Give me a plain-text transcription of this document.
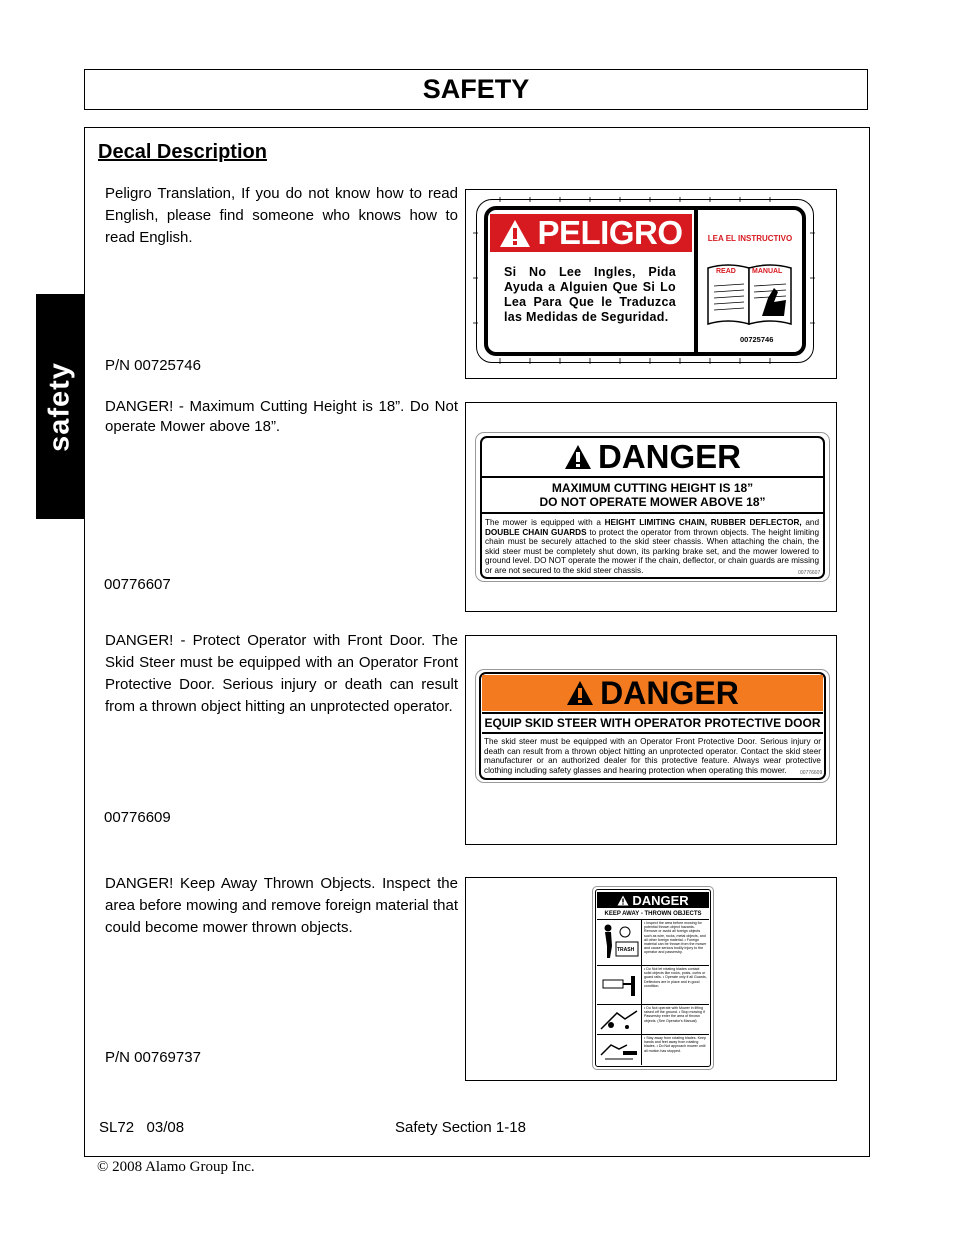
SAFETY
safety
Decal Description
Peligro Translation, If you do not know how to read English, please find someone who knows how to read English.
P/N 00725746
PELIGRO
Si No Lee Ingles, Pida Ayuda a Alguien Que Si Lo Lea Para Que le Traduzca las Medidas de Seguridad.
LEA EL INSTRUCTIVO
READ MANUAL
00725746
DANGER! - Maximum Cutting Height is 18”. Do Not operate Mower above 18”.
00776607
DANGER
MAXIMUM CUTTING HEIGHT IS 18”
DO NOT OPERATE MOWER ABOVE 18”
The mower is equipped with a HEIGHT LIMITING CHAIN, RUBBER DEFLECTOR, and DOUBLE CHAIN GUARDS to protect the operator from thrown objects. The height limiting chain must be securely attached to the skid steer chassis. When attaching the chain, the skid steer must be completely shut down, its parking brake set, and the mower lowered to ground level. DO NOT operate the mower if the chain, deflector, or chain guards are missing or are not secured to the skid steer chassis.	00776607
DANGER! - Protect Operator with Front Door. The Skid Steer must be equipped with an Operator Front Protective Door. Serious injury or death can result from a thrown object hitting an unprotected operator.
00776609
DANGER
EQUIP SKID STEER WITH OPERATOR PROTECTIVE DOOR
The skid steer must be equipped with an Operator Front Protective Door. Serious injury or death can result from a thrown object hitting an unprotected operator. Contact the skid steer manufacturer or an authorized dealer for this protective feature. Always wear protective clothing including safety glasses and hearing protection when operating this mower.	00776609
DANGER! Keep Away Thrown Objects. Inspect the area before mowing and remove foreign material that could become mower thrown objects.
P/N 00769737
DANGER
KEEP AWAY - THROWN OBJECTS
TRASH
• Inspect the area before mowing for potential thrown object hazards. Remove or avoid all foreign objects such as wire, rocks, metal objects, and all other foreign material. • Foreign material can be thrown from the mower and cause serious bodily injury to the operator and passersby.
• Do Not let rotating blades contact solid objects like rocks, posts, curbs or guard rails. • Operate only if all Guards, Deflectors are in place and in good condition.
• Do Not operate with Mower in lifting raised off the ground. • Stop mowing if Passersby enter the area of thrown objects. (See Operator's Manual)
• Stay away from rotating blades. Keep hands and feet away from rotating blades. • Do Not approach mower until all motion has stopped.
SL72   03/08	Safety Section 1-18
© 2008 Alamo Group Inc.
